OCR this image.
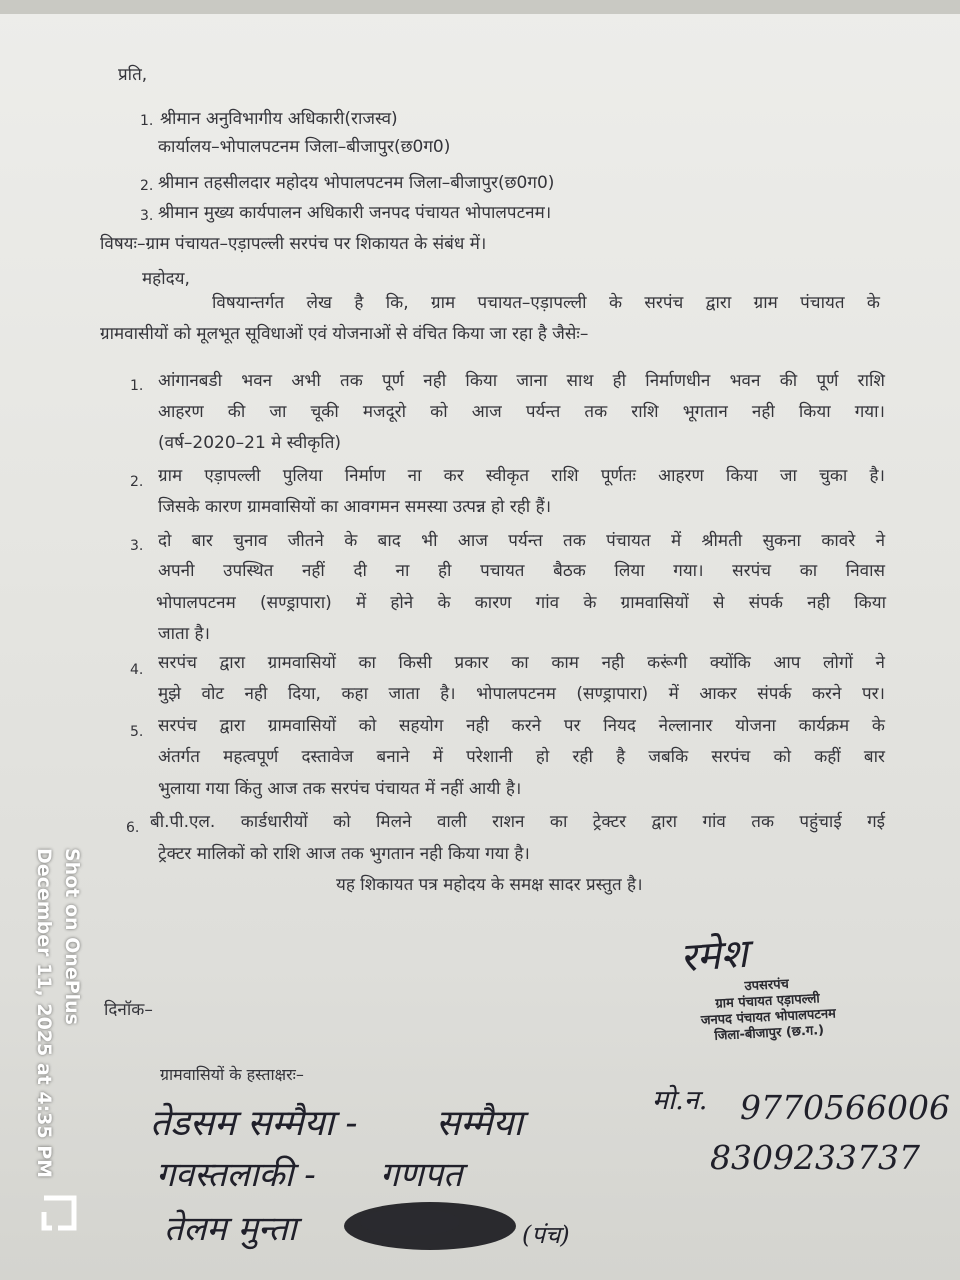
प्रति,
1. श्रीमान अनुविभागीय अधिकारी(राजस्व)
कार्यालय–भोपालपटनम जिला–बीजापुर(छ0ग0)
2. श्रीमान तहसीलदार महोदय भोपालपटनम जिला–बीजापुर(छ0ग0)
3. श्रीमान मुख्य कार्यपालन अधिकारी जनपद पंचायत भोपालपटनम।
विषयः–ग्राम पंचायत–एड़ापल्ली सरपंच पर शिकायत के संबंध में।
महोदय,
विषयान्तर्गत लेख है कि, ग्राम पचायत–एड़ापल्ली के सरपंच द्वारा ग्राम पंचायत के
ग्रामवासीयों को मूलभूत सूविधाओं एवं योजनाओं से वंचित किया जा रहा है जैसेः–
1. आंगानबडी भवन अभी तक पूर्ण नही किया जाना साथ ही निर्माणधीन भवन की पूर्ण राशि
आहरण की जा चूकी मजदूरो को आज पर्यन्त तक राशि भूगतान नही किया गया।
(वर्ष–2020–21 मे स्वीकृति)
2. ग्राम एड़ापल्ली पुलिया निर्माण ना कर स्वीकृत राशि पूर्णतः आहरण किया जा चुका है।
जिसके कारण ग्रामवासियों का आवगमन समस्या उत्पन्न हो रही हैं।
3. दो बार चुनाव जीतने के बाद भी आज पर्यन्त तक पंचायत में श्रीमती सुकना कावरे ने
अपनी उपस्थित नहीं दी ना ही पचायत बैठक लिया गया। सरपंच का निवास
भोपालपटनम (सण्ड्रापारा) में होने के कारण गांव के ग्रामवासियों से संपर्क नही किया
जाता है।
4. सरपंच द्वारा ग्रामवासियों का किसी प्रकार का काम नही करूंगी क्योंकि आप लोगों ने
मुझे वोट नही दिया, कहा जाता है। भोपालपटनम (सण्ड्रापारा) में आकर संपर्क करने पर।
5. सरपंच द्वारा ग्रामवासियों को सहयोग नही करने पर नियद नेल्लानार योजना कार्यक्रम के
अंतर्गत महत्वपूर्ण दस्तावेज बनाने में परेशानी हो रही है जबकि सरपंच को कहीं बार
भुलाया गया किंतु आज तक सरपंच पंचायत में नहीं आयी है।
6. बी.पी.एल. कार्डधारीयों को मिलने वाली राशन का ट्रेक्टर द्वारा गांव तक पहुंचाई गई
ट्रेक्टर मालिकों को राशि आज तक भुगतान नही किया गया है।
यह शिकायत पत्र महोदय के समक्ष सादर प्रस्तुत है।
रमेश
उपसरपंच
ग्राम पंचायत एड़ापल्ली
जनपद पंचायत भोपालपटनम
जिला-बीजापुर (छ.ग.)
दिनॉक–
ग्रामवासियों के हस्ताक्षरः–
मो.न. 9770566006
8309233737
तेडसम सम्मैया - सम्मैया
गवस्तलाकी - गणपत
तेलम मुन्ता	(पंच)
Shot on OnePlus
December 11, 2025 at 4:35 PM
